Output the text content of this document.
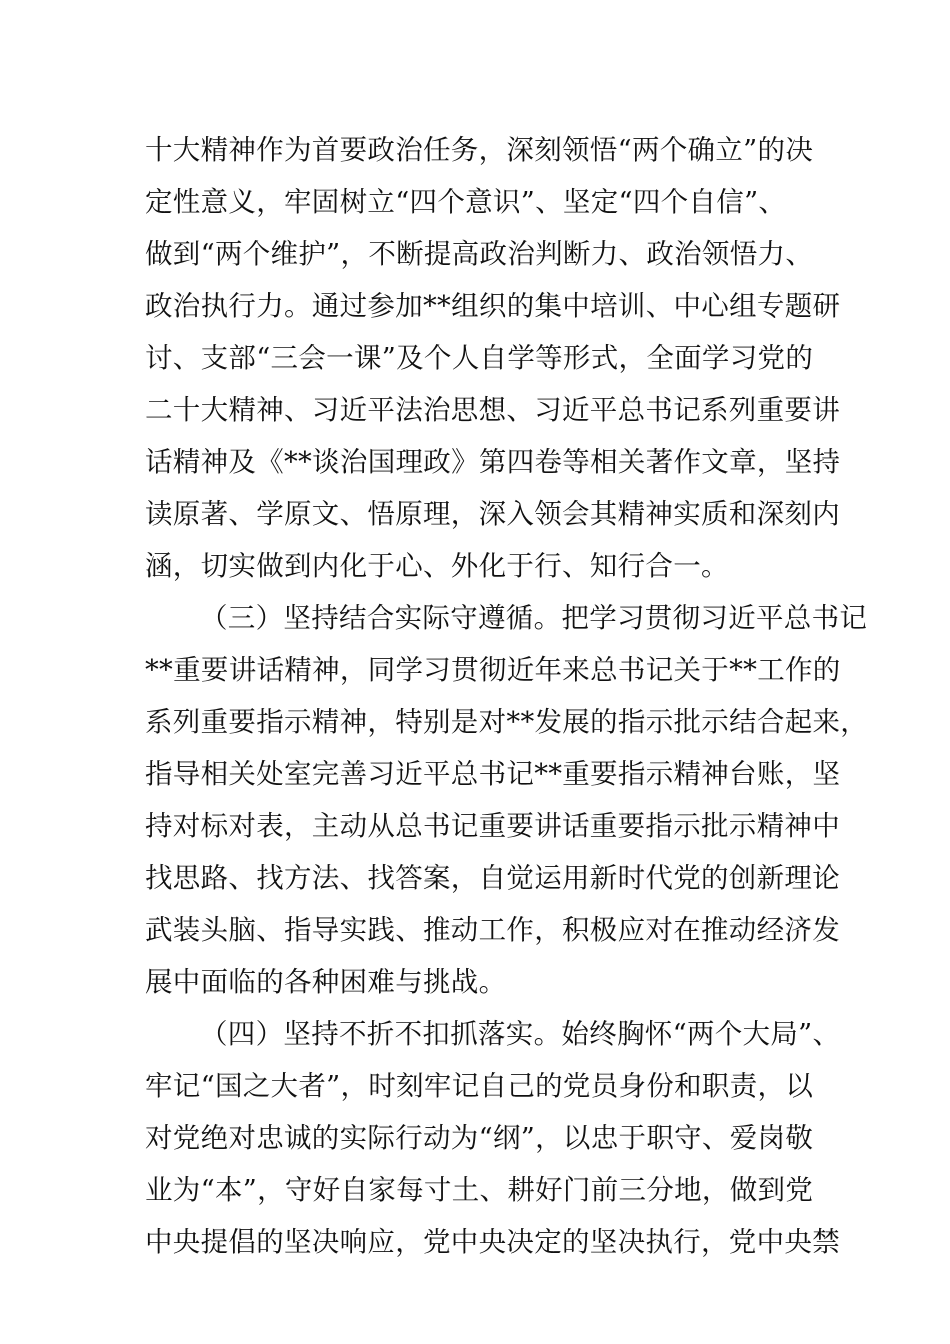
十大精神作为首要政治任务，深刻领悟“两个确立”的决
定性意义，牢固树立“四个意识”、坚定“四个自信”、
做到“两个维护”，不断提高政治判断力、政治领悟力、
政治执行力。通过参加**组织的集中培训、中心组专题研
讨、支部“三会一课”及个人自学等形式，全面学习党的
二十大精神、习近平法治思想、习近平总书记系列重要讲
话精神及《**谈治国理政》第四卷等相关著作文章，坚持
读原著、学原文、悟原理，深入领会其精神实质和深刻内
涵，切实做到内化于心、外化于行、知行合一。
（三）坚持结合实际守遵循。把学习贯彻习近平总书记
**重要讲话精神，同学习贯彻近年来总书记关于**工作的
系列重要指示精神，特别是对**发展的指示批示结合起来，
指导相关处室完善习近平总书记**重要指示精神台账，坚
持对标对表，主动从总书记重要讲话重要指示批示精神中
找思路、找方法、找答案，自觉运用新时代党的创新理论
武装头脑、指导实践、推动工作，积极应对在推动经济发
展中面临的各种困难与挑战。
（四）坚持不折不扣抓落实。始终胸怀“两个大局”、
牢记“国之大者”，时刻牢记自己的党员身份和职责，以
对党绝对忠诚的实际行动为“纲”，以忠于职守、爱岗敬
业为“本”，守好自家每寸土、耕好门前三分地，做到党
中央提倡的坚决响应，党中央决定的坚决执行，党中央禁
